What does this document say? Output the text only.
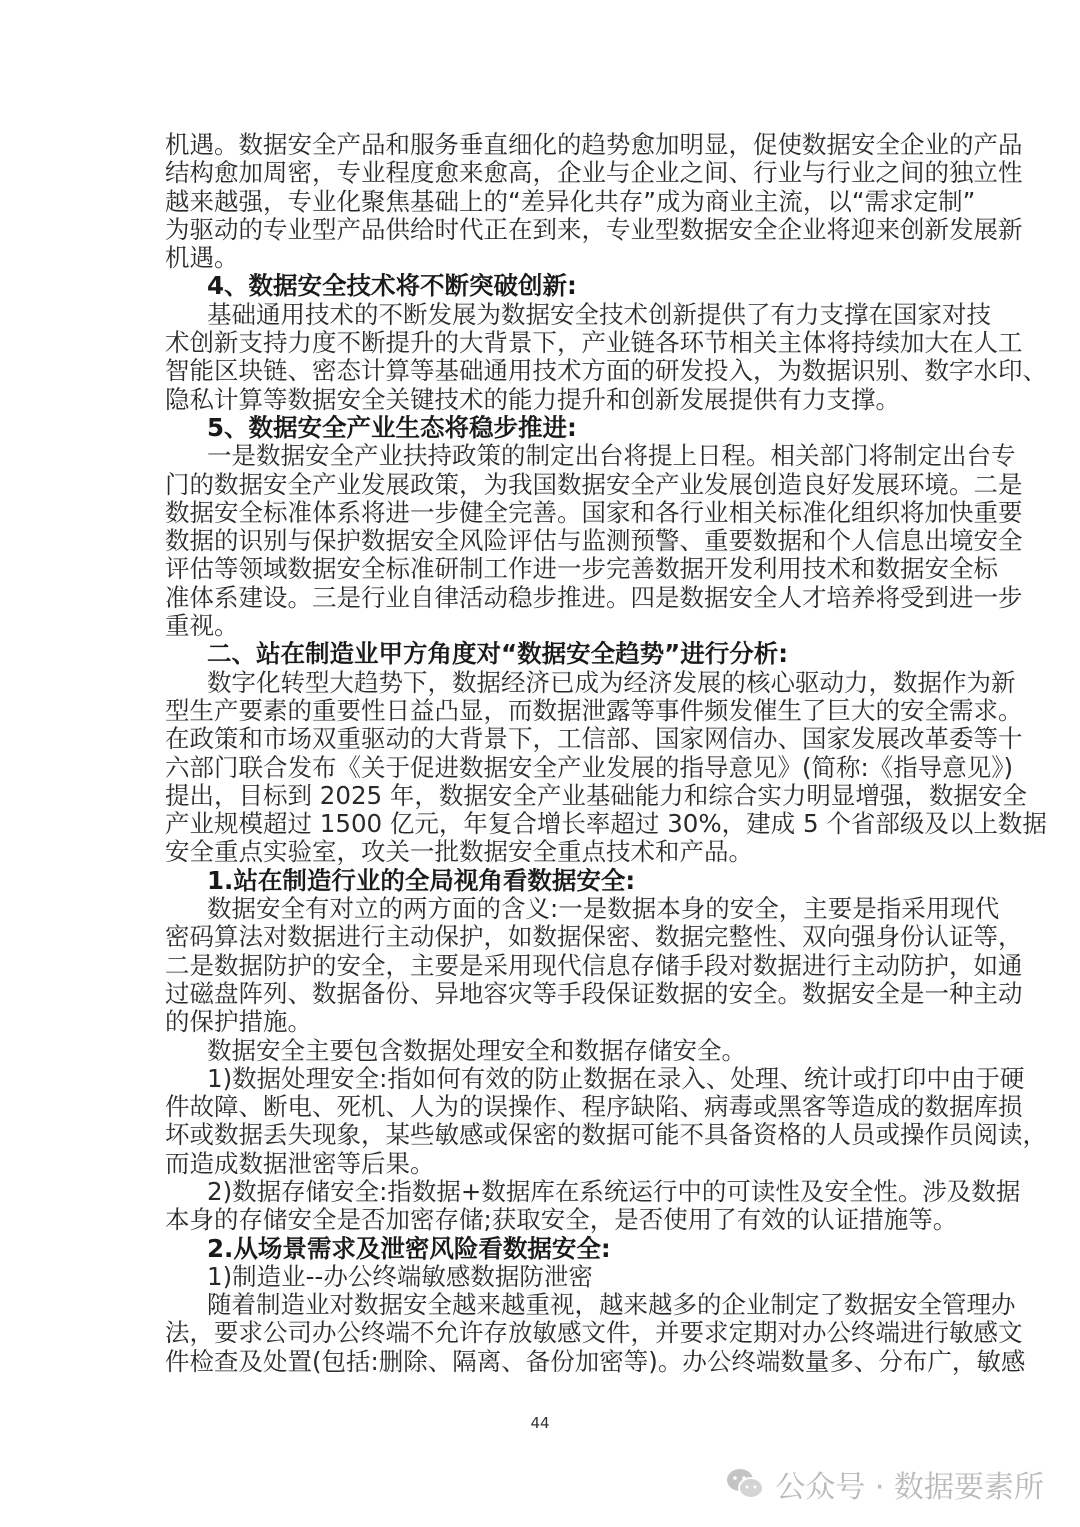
机遇。数据安全产品和服务垂直细化的趋势愈加明显，促使数据安全企业的产品
结构愈加周密，专业程度愈来愈高，企业与企业之间、行业与行业之间的独立性
越来越强，专业化聚焦基础上的“差异化共存”成为商业主流，以“需求定制”
为驱动的专业型产品供给时代正在到来，专业型数据安全企业将迎来创新发展新
机遇。
4、数据安全技术将不断突破创新:
基础通用技术的不断发展为数据安全技术创新提供了有力支撑在国家对技
术创新支持力度不断提升的大背景下，产业链各环节相关主体将持续加大在人工
智能区块链、密态计算等基础通用技术方面的研发投入，为数据识别、数字水印、
隐私计算等数据安全关键技术的能力提升和创新发展提供有力支撑。
5、数据安全产业生态将稳步推进:
一是数据安全产业扶持政策的制定出台将提上日程。相关部门将制定出台专
门的数据安全产业发展政策，为我国数据安全产业发展创造良好发展环境。二是
数据安全标准体系将进一步健全完善。国家和各行业相关标准化组织将加快重要
数据的识别与保护数据安全风险评估与监测预警、重要数据和个人信息出境安全
评估等领域数据安全标准研制工作进一步完善数据开发利用技术和数据安全标
准体系建设。三是行业自律活动稳步推进。四是数据安全人才培养将受到进一步
重视。
二、站在制造业甲方角度对“数据安全趋势”进行分析:
数字化转型大趋势下，数据经济已成为经济发展的核心驱动力，数据作为新
型生产要素的重要性日益凸显，而数据泄露等事件频发催生了巨大的安全需求。
在政策和市场双重驱动的大背景下，工信部、国家网信办、国家发展改革委等十
六部门联合发布《关于促进数据安全产业发展的指导意见》(简称:《指导意见》)
提出，目标到 2025 年，数据安全产业基础能力和综合实力明显增强，数据安全
产业规模超过 1500 亿元，年复合增长率超过 30%，建成 5 个省部级及以上数据
安全重点实验室，攻关一批数据安全重点技术和产品。
1.站在制造行业的全局视角看数据安全:
数据安全有对立的两方面的含义:一是数据本身的安全，主要是指采用现代
密码算法对数据进行主动保护，如数据保密、数据完整性、双向强身份认证等，
二是数据防护的安全，主要是采用现代信息存储手段对数据进行主动防护，如通
过磁盘阵列、数据备份、异地容灾等手段保证数据的安全。数据安全是一种主动
的保护措施。
数据安全主要包含数据处理安全和数据存储安全。
1)数据处理安全:指如何有效的防止数据在录入、处理、统计或打印中由于硬
件故障、断电、死机、人为的误操作、程序缺陷、病毒或黑客等造成的数据库损
坏或数据丢失现象，某些敏感或保密的数据可能不具备资格的人员或操作员阅读，
而造成数据泄密等后果。
2)数据存储安全:指数据+数据库在系统运行中的可读性及安全性。涉及数据
本身的存储安全是否加密存储;获取安全，是否使用了有效的认证措施等。
2.从场景需求及泄密风险看数据安全:
1)制造业--办公终端敏感数据防泄密
随着制造业对数据安全越来越重视，越来越多的企业制定了数据安全管理办
法，要求公司办公终端不允许存放敏感文件，并要求定期对办公终端进行敏感文
件检查及处置(包括:删除、隔离、备份加密等)。办公终端数量多、分布广，敏感
44
公众号 · 数据要素所
